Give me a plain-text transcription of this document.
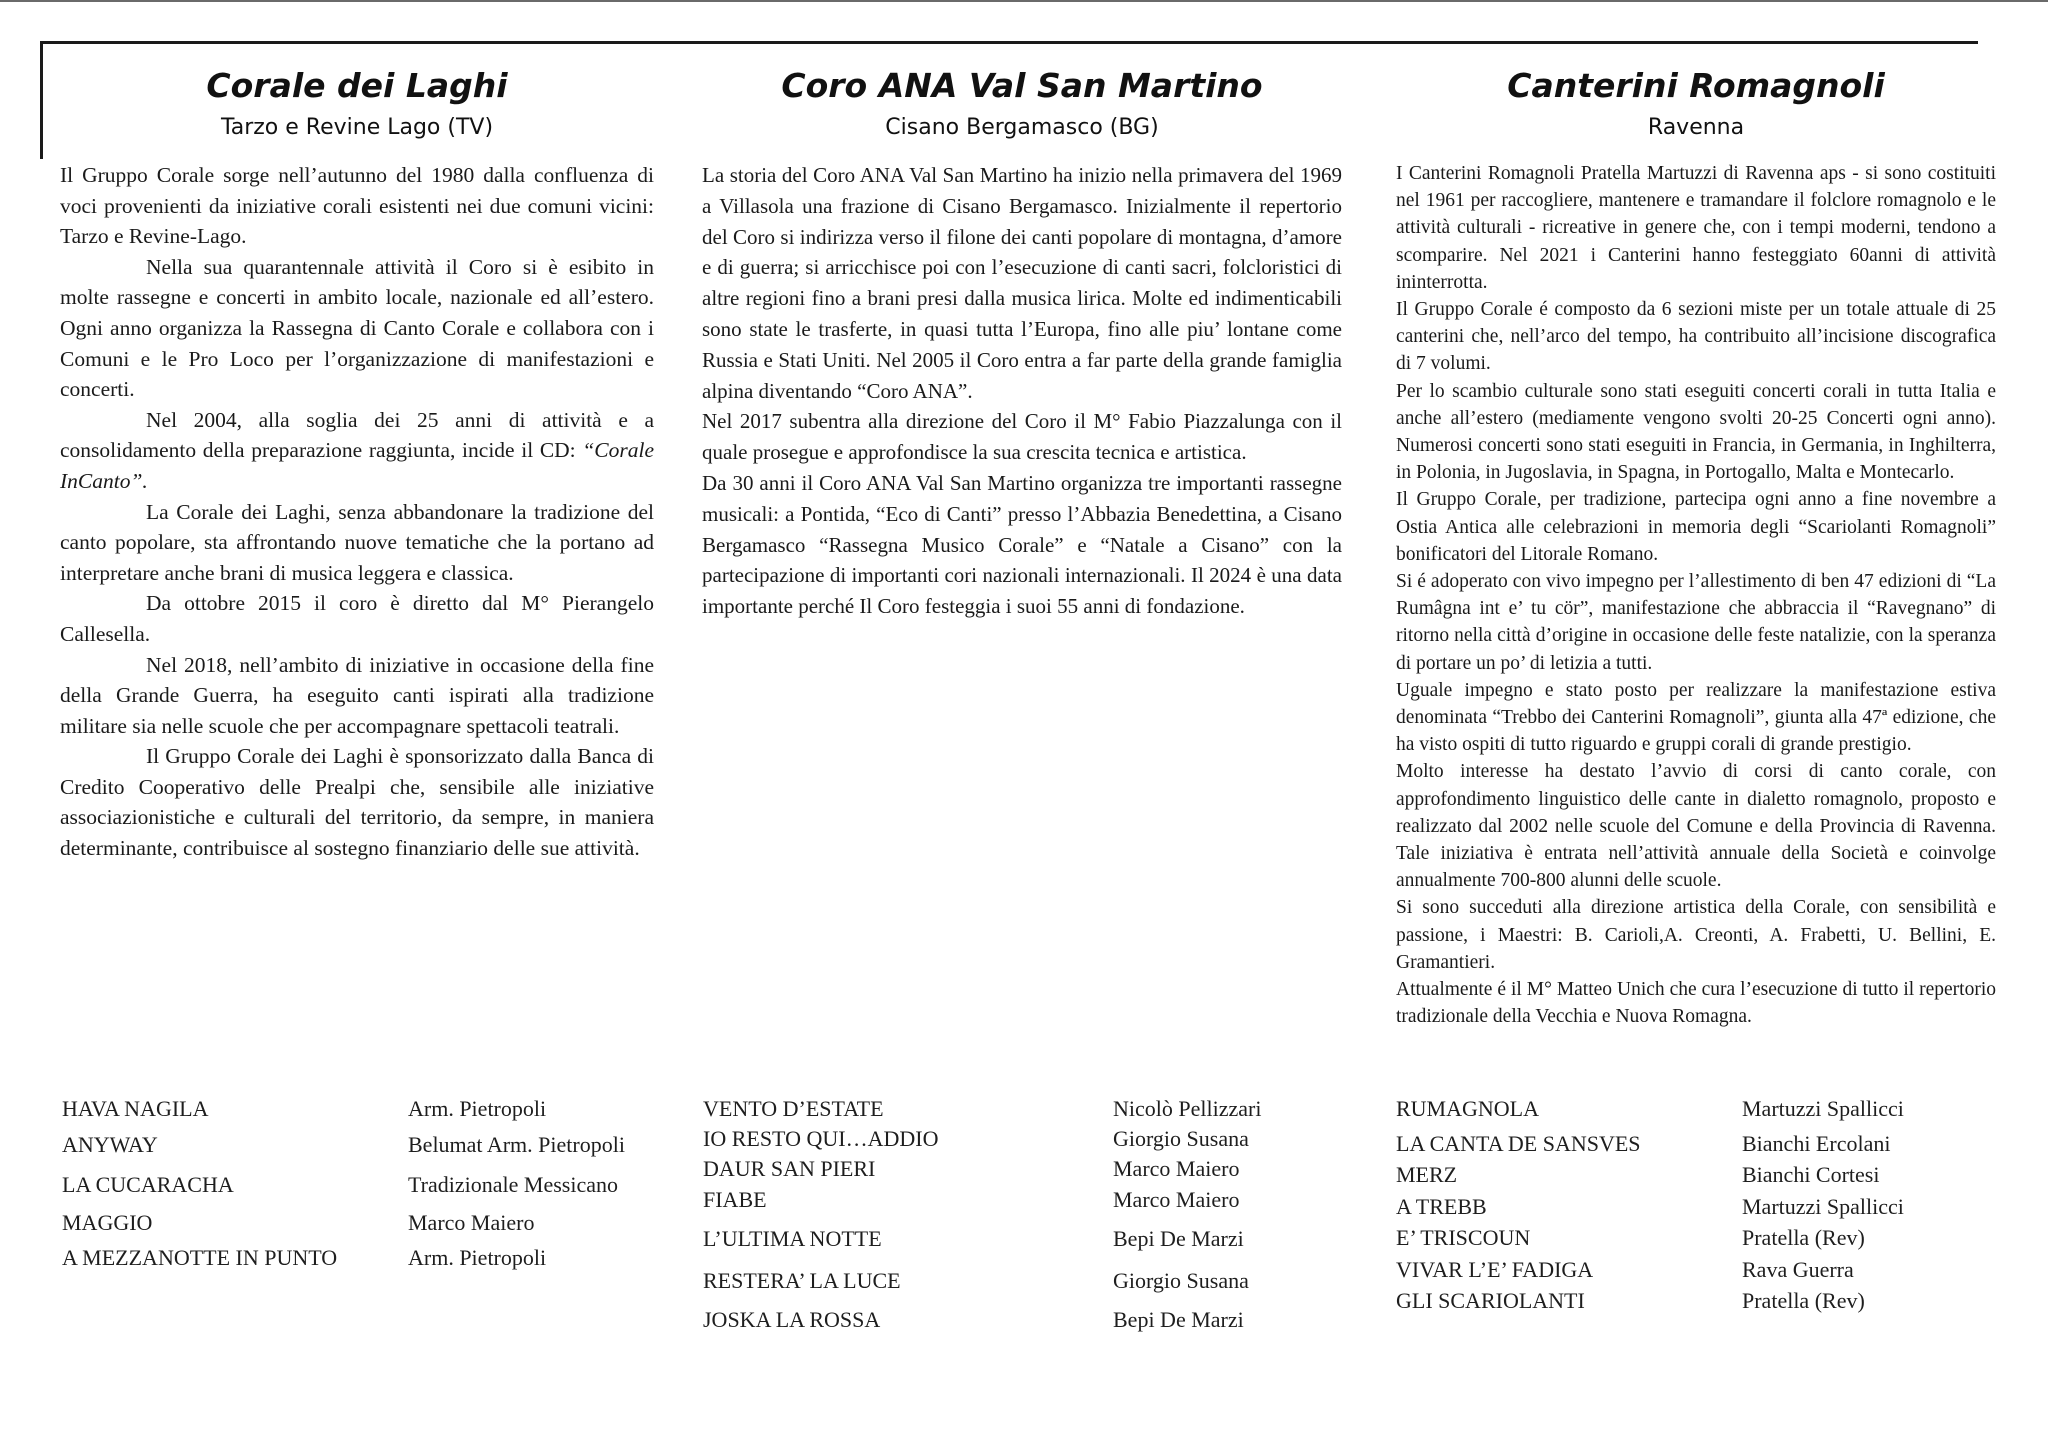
Corale dei Laghi
Tarzo e Revine Lago (TV)

Il Gruppo Corale sorge nell’autunno del 1980 dalla confluenza di voci provenienti da iniziative corali esistenti nei due comuni vicini: Tarzo e Revine-Lago.

Nella sua quarantennale attività il Coro si è esibito in molte rassegne e concerti in ambito locale, nazionale ed all’estero. Ogni anno organizza la Rassegna di Canto Corale e collabora con i Comuni e le Pro Loco per l’organizzazione di manifestazioni e concerti.

Nel 2004, alla soglia dei 25 anni di attività e a consolidamento della preparazione raggiunta, incide il CD: “Corale InCanto”.

La Corale dei Laghi, senza abbandonare la tradizione del canto popolare, sta affrontando nuove tematiche che la portano ad interpretare anche brani di musica leggera e classica.

Da ottobre 2015 il coro è diretto dal M° Pierangelo Callesella.

Nel 2018, nell’ambito di iniziative in occasione della fine della Grande Guerra, ha eseguito canti ispirati alla tradizione militare sia nelle scuole che per accompagnare spettacoli teatrali.

Il Gruppo Corale dei Laghi è sponsorizzato dalla Banca di Credito Cooperativo delle Prealpi che, sensibile alle iniziative associazionistiche e culturali del territorio, da sempre, in maniera determinante, contribuisce al sostegno finanziario delle sue attività.

Coro ANA Val San Martino
Cisano Bergamasco (BG)

La storia del Coro ANA Val San Martino ha inizio nella primavera del 1969 a Villasola una frazione di Cisano Bergamasco. Inizialmente il repertorio del Coro si indirizza verso il filone dei canti popolare di montagna, d’amore e di guerra; si arricchisce poi con l’esecuzione di canti sacri, folcloristici di altre regioni fino a brani presi dalla musica lirica. Molte ed indimenticabili sono state le trasferte, in quasi tutta l’Europa, fino alle piu’ lontane come Russia e Stati Uniti. Nel 2005 il Coro entra a far parte della grande famiglia alpina diventando “Coro ANA”.

Nel 2017 subentra alla direzione del Coro il M° Fabio Piazzalunga con il quale prosegue e approfondisce la sua crescita tecnica e artistica.

Da 30 anni il Coro ANA Val San Martino organizza tre importanti rassegne musicali: a Pontida, “Eco di Canti” presso l’Abbazia Benedettina, a Cisano Bergamasco “Rassegna Musico Corale” e “Natale a Cisano” con la partecipazione di importanti cori nazionali internazionali. Il 2024 è una data importante perché Il Coro festeggia i suoi 55 anni di fondazione.

Canterini Romagnoli
Ravenna

I Canterini Romagnoli Pratella Martuzzi di Ravenna aps - si sono costituiti nel 1961 per raccogliere, mantenere e tramandare il folclore romagnolo e le attività culturali - ricreative in genere che, con i tempi moderni, tendono a scomparire. Nel 2021 i Canterini hanno festeggiato 60anni di attività ininterrotta.

Il Gruppo Corale é composto da 6 sezioni miste per un totale attuale di 25 canterini che, nell’arco del tempo, ha contribuito all’incisione discografica di 7 volumi.

Per lo scambio culturale sono stati eseguiti concerti corali in tutta Italia e anche all’estero (mediamente vengono svolti 20-25 Concerti ogni anno). Numerosi concerti sono stati eseguiti in Francia, in Germania, in Inghilterra, in Polonia, in Jugoslavia, in Spagna, in Portogallo, Malta e Montecarlo.

Il Gruppo Corale, per tradizione, partecipa ogni anno a fine novembre a Ostia Antica alle celebrazioni in memoria degli “Scariolanti Romagnoli” bonificatori del Litorale Romano.

Si é adoperato con vivo impegno per l’allestimento di ben 47 edizioni di “La Rumâgna int e’ tu cör”, manifestazione che abbraccia il “Ravegnano” di ritorno nella città d’origine in occasione delle feste natalizie, con la speranza di portare un po’ di letizia a tutti.

Uguale impegno e stato posto per realizzare la manifestazione estiva denominata “Trebbo dei Canterini Romagnoli”, giunta alla 47ª edizione, che ha visto ospiti di tutto riguardo e gruppi corali di grande prestigio.

Molto interesse ha destato l’avvio di corsi di canto corale, con approfondimento linguistico delle cante in dialetto romagnolo, proposto e realizzato dal 2002 nelle scuole del Comune e della Provincia di Ravenna. Tale iniziativa è entrata nell’attività annuale della Società e coinvolge annualmente 700-800 alunni delle scuole.

Si sono succeduti alla direzione artistica della Corale, con sensibilità e passione, i Maestri: B. Carioli,A. Creonti, A. Frabetti, U. Bellini, E. Gramantieri.

Attualmente é il M° Matteo Unich che cura l’esecuzione di tutto il repertorio tradizionale della Vecchia e Nuova Romagna.

HAVA NAGILA	Arm. Pietropoli
ANYWAY	Belumat Arm. Pietropoli
LA CUCARACHA	Tradizionale Messicano
MAGGIO	Marco Maiero
A MEZZANOTTE IN PUNTO	Arm. Pietropoli
VENTO D’ESTATE	Nicolò Pellizzari
IO RESTO QUI…ADDIO	Giorgio Susana
DAUR SAN PIERI	Marco Maiero
FIABE	Marco Maiero
L’ULTIMA NOTTE	Bepi De Marzi
RESTERA’ LA LUCE	Giorgio Susana
JOSKA LA ROSSA	Bepi De Marzi
RUMAGNOLA	Martuzzi Spallicci
LA CANTA DE SANSVES	Bianchi Ercolani
MERZ	Bianchi Cortesi
A TREBB	Martuzzi Spallicci
E’ TRISCOUN	Pratella (Rev)
VIVAR L’E’ FADIGA	Rava Guerra
GLI SCARIOLANTI	Pratella (Rev)
